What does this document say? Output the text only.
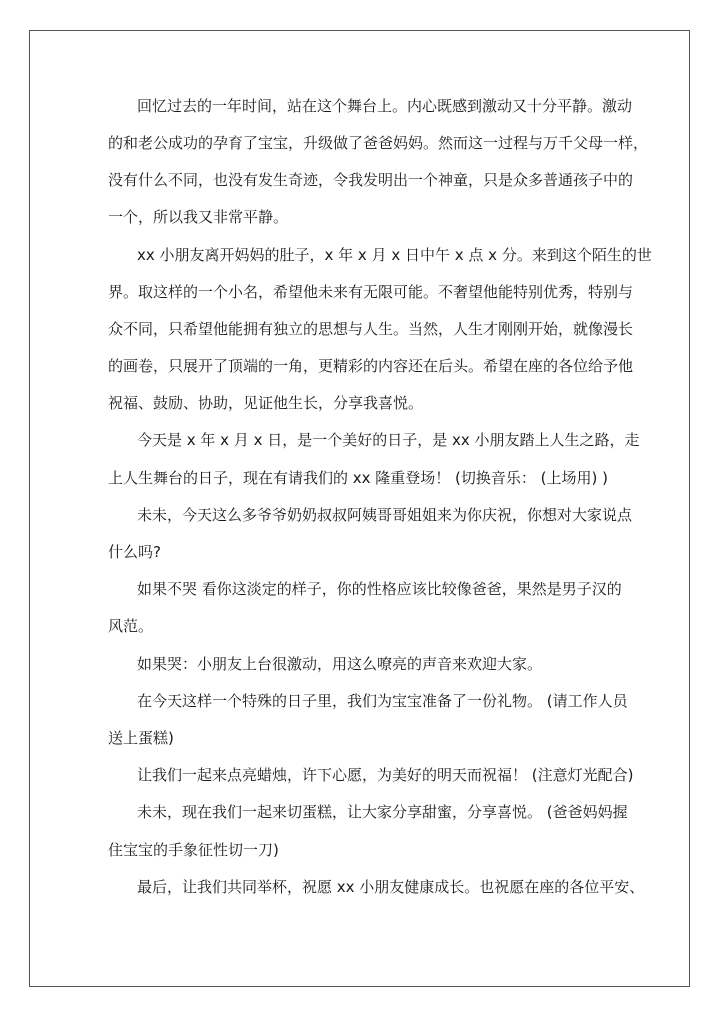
回忆过去的一年时间，站在这个舞台上。内心既感到激动又十分平静。激动
的和老公成功的孕育了宝宝，升级做了爸爸妈妈。然而这一过程与万千父母一样，
没有什么不同，也没有发生奇迹，令我发明出一个神童，只是众多普通孩子中的
一个，所以我又非常平静。
xx 小朋友离开妈妈的肚子，x 年 x 月 x 日中午 x 点 x 分。来到这个陌生的世
界。取这样的一个小名，希望他未来有无限可能。不奢望他能特别优秀，特别与
众不同，只希望他能拥有独立的思想与人生。当然，人生才刚刚开始，就像漫长
的画卷，只展开了顶端的一角，更精彩的内容还在后头。希望在座的各位给予他
祝福、鼓励、协助，见证他生长，分享我喜悦。
今天是 x 年 x 月 x 日，是一个美好的日子，是 xx 小朋友踏上人生之路，走
上人生舞台的日子，现在有请我们的 xx 隆重登场！ (切换音乐： (上场用) )
未未，今天这么多爷爷奶奶叔叔阿姨哥哥姐姐来为你庆祝，你想对大家说点
什么吗?
如果不哭 看你这淡定的样子，你的性格应该比较像爸爸，果然是男子汉的
风范。
如果哭：小朋友上台很激动，用这么嘹亮的声音来欢迎大家。
在今天这样一个特殊的日子里，我们为宝宝准备了一份礼物。 (请工作人员
送上蛋糕)
让我们一起来点亮蜡烛，许下心愿，为美好的明天而祝福！ (注意灯光配合)
未未，现在我们一起来切蛋糕，让大家分享甜蜜，分享喜悦。 (爸爸妈妈握
住宝宝的手象征性切一刀)
最后，让我们共同举杯，祝愿 xx 小朋友健康成长。也祝愿在座的各位平安、
